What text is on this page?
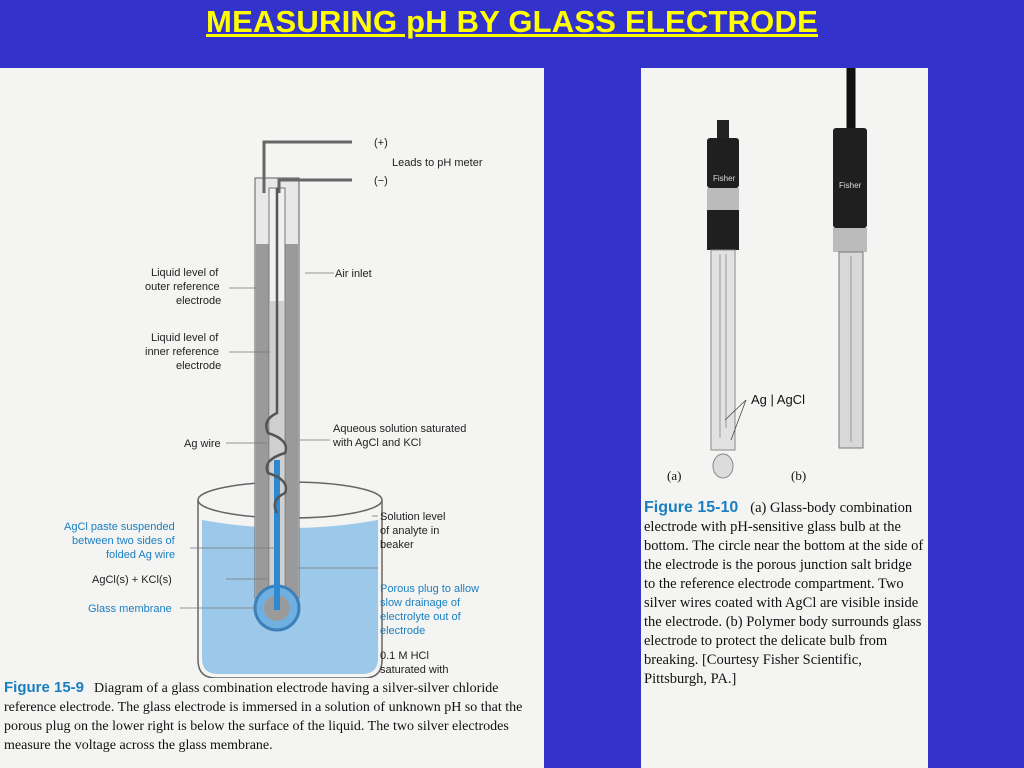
MEASURING pH BY GLASS ELECTRODE
(+)
(−)
Leads to pH meter
Air inlet
Liquid level of
outer reference
electrode
Liquid level of
inner reference
electrode
Aqueous solution saturated
with AgCl and KCl
Ag wire
Solution level
of analyte in
beaker
AgCl paste suspended
between two sides of
folded Ag wire
Porous plug to allow
slow drainage of
electrolyte out of
electrode
AgCl(s) + KCl(s)
0.1 M HCl
saturated with
Glass membrane
Figure 15-9 Diagram of a glass combination electrode having a silver-silver chloride reference electrode. The glass electrode is immersed in a solution of unknown pH so that the porous plug on the lower right is below the surface of the liquid. The two silver electrodes measure the voltage across the glass membrane.
Fisher
Fisher
Ag | AgCl
(a)	(b)
Figure 15-10 (a) Glass-body combination electrode with pH-sensitive glass bulb at the bottom. The circle near the bottom at the side of the electrode is the porous junction salt bridge to the reference electrode compartment. Two silver wires coated with AgCl are visible inside the electrode. (b) Polymer body surrounds glass electrode to protect the delicate bulb from breaking. [Courtesy Fisher Scientific, Pittsburgh, PA.]
